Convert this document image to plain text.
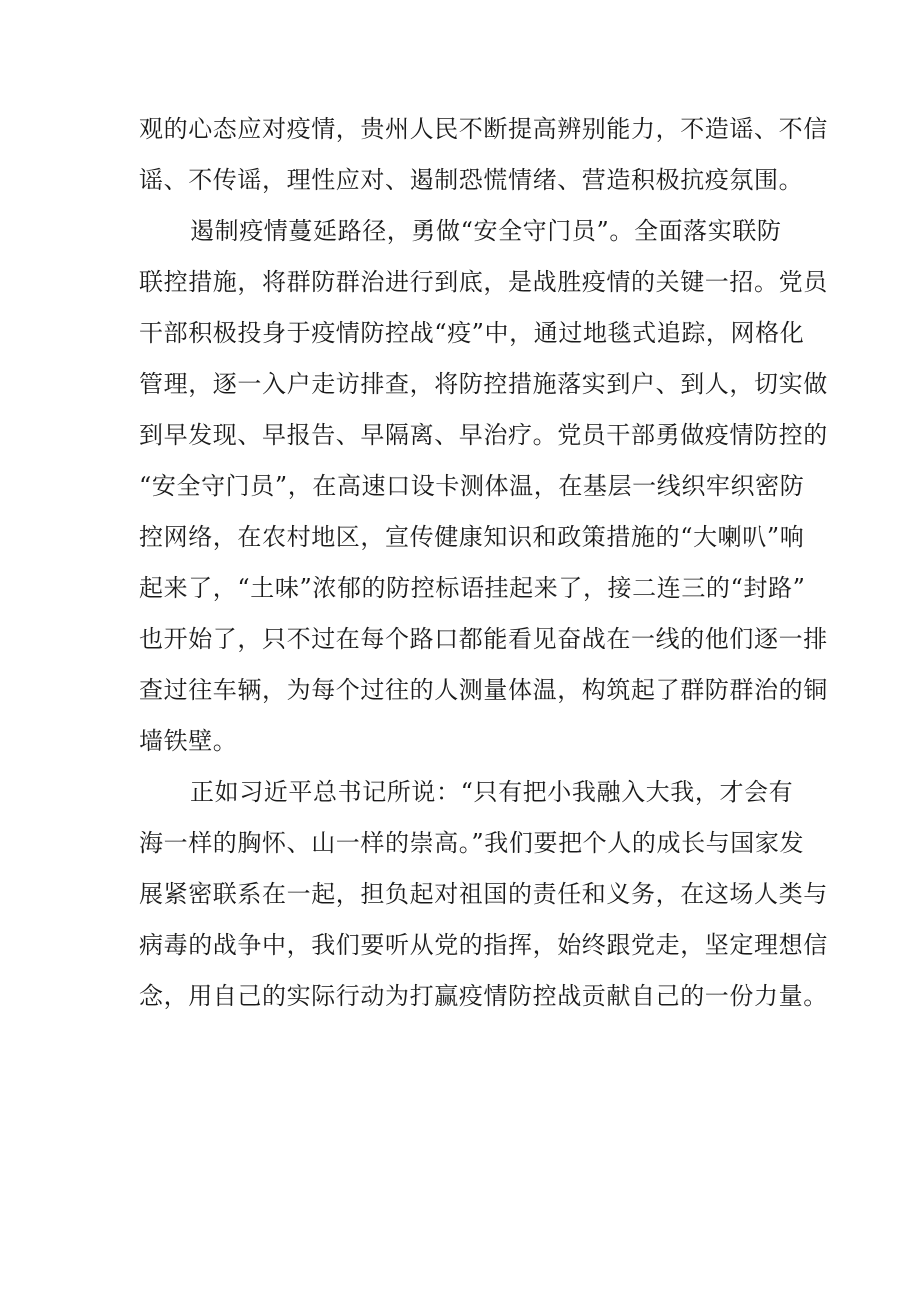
观的心态应对疫情，贵州人民不断提高辨别能力，不造谣、不信
谣、不传谣，理性应对、遏制恐慌情绪、营造积极抗疫氛围。
遏制疫情蔓延路径，勇做“安全守门员”。全面落实联防
联控措施，将群防群治进行到底，是战胜疫情的关键一招。党员
干部积极投身于疫情防控战“疫”中，通过地毯式追踪，网格化
管理，逐一入户走访排查，将防控措施落实到户、到人，切实做
到早发现、早报告、早隔离、早治疗。党员干部勇做疫情防控的
“安全守门员”，在高速口设卡测体温，在基层一线织牢织密防
控网络，在农村地区，宣传健康知识和政策措施的“大喇叭”响
起来了，“土味”浓郁的防控标语挂起来了，接二连三的“封路”
也开始了，只不过在每个路口都能看见奋战在一线的他们逐一排
查过往车辆，为每个过往的人测量体温，构筑起了群防群治的铜
墙铁壁。
正如习近平总书记所说：“只有把小我融入大我，才会有
海一样的胸怀、山一样的崇高。”我们要把个人的成长与国家发
展紧密联系在一起，担负起对祖国的责任和义务，在这场人类与
病毒的战争中，我们要听从党的指挥，始终跟党走，坚定理想信
念，用自己的实际行动为打赢疫情防控战贡献自己的一份力量。
